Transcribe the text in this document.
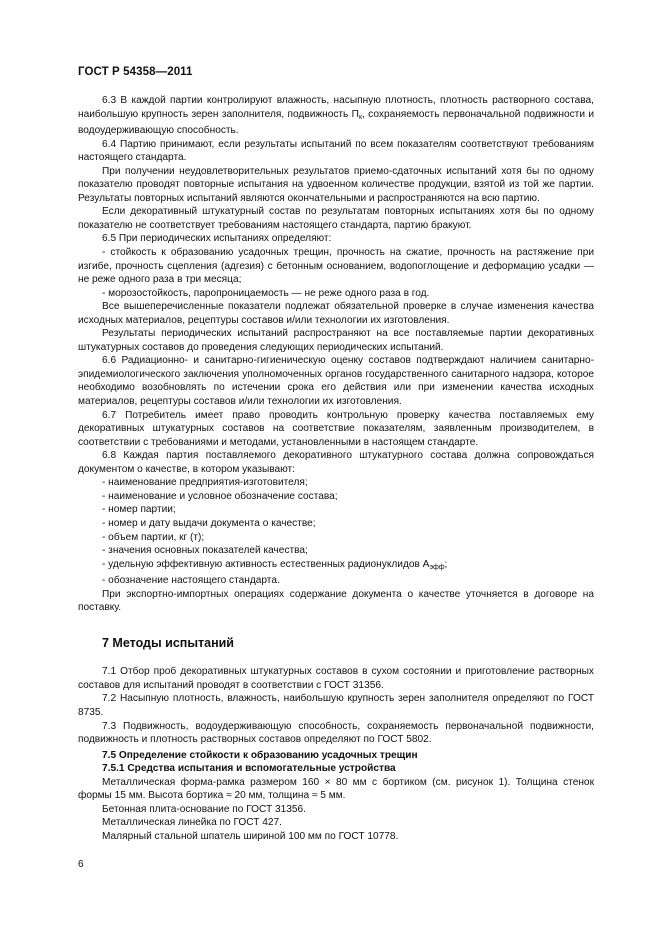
ГОСТ Р 54358—2011

6.3 В каждой партии контролируют влажность, насыпную плотность, плотность растворного состава, наибольшую крупность зерен заполнителя, подвижность $П_к$, сохраняемость первоначальной подвижности и водоудерживающую способность.

6.4 Партию принимают, если результаты испытаний по всем показателям соответствуют требованиям настоящего стандарта.

При получении неудовлетворительных результатов приемо-сдаточных испытаний хотя бы по одному показателю проводят повторные испытания на удвоенном количестве продукции, взятой из той же партии. Результаты повторных испытаний являются окончательными и распространяются на всю партию.

Если декоративный штукатурный состав по результатам повторных испытаниях хотя бы по одному показателю не соответствует требованиям настоящего стандарта, партию бракуют.

6.5 При периодических испытаниях определяют:

- стойкость к образованию усадочных трещин, прочность на сжатие, прочность на растяжение при изгибе, прочность сцепления (адгезия) с бетонным основанием, водопоглощение и деформацию усадки — не реже одного раза в три месяца;

- морозостойкость, паропроницаемость — не реже одного раза в год.

Все вышеперечисленные показатели подлежат обязательной проверке в случае изменения качества исходных материалов, рецептуры составов и/или технологии их изготовления.

Результаты периодических испытаний распространяют на все поставляемые партии декоративных штукатурных составов до проведения следующих периодических испытаний.

6.6 Радиационно- и санитарно-гигиеническую оценку составов подтверждают наличием санитарно-эпидемиологического заключения уполномоченных органов государственного санитарного надзора, которое необходимо возобновлять по истечении срока его действия или при изменении качества исходных материалов, рецептуры составов и/или технологии их изготовления.

6.7 Потребитель имеет право проводить контрольную проверку качества поставляемых ему декоративных штукатурных составов на соответствие показателям, заявленным производителем, в соответствии с требованиями и методами, установленными в настоящем стандарте.

6.8 Каждая партия поставляемого декоративного штукатурного состава должна сопровождаться документом о качестве, в котором указывают:

- наименование предприятия-изготовителя;

- наименование и условное обозначение состава;

- номер партии;

- номер и дату выдачи документа о качестве;

- объем партии, кг (т);

- значения основных показателей качества;

- удельную эффективную активность естественных радионуклидов $А_{эфф}$;

- обозначение настоящего стандарта.

При экспортно-импортных операциях содержание документа о качестве уточняется в договоре на поставку.

7 Методы испытаний

7.1 Отбор проб декоративных штукатурных составов в сухом состоянии и приготовление растворных составов для испытаний проводят в соответствии с ГОСТ 31356.

7.2 Насыпную плотность, влажность, наибольшую крупность зерен заполнителя определяют по ГОСТ 8735.

7.3 Подвижность, водоудерживающую способность, сохраняемость первоначальной подвижности, подвижность и плотность растворных составов определяют по ГОСТ 5802.

7.5 Определение стойкости к образованию усадочных трещин

7.5.1 Средства испытания и вспомогательные устройства

Металлическая форма-рамка размером 160 × 80 мм с бортиком (см. рисунок 1). Толщина стенок формы 15 мм. Высота бортика ≈ 20 мм, толщина ≈ 5 мм.

Бетонная плита-основание по ГОСТ 31356.

Металлическая линейка по ГОСТ 427.

Малярный стальной шпатель шириной 100 мм по ГОСТ 10778.

6
